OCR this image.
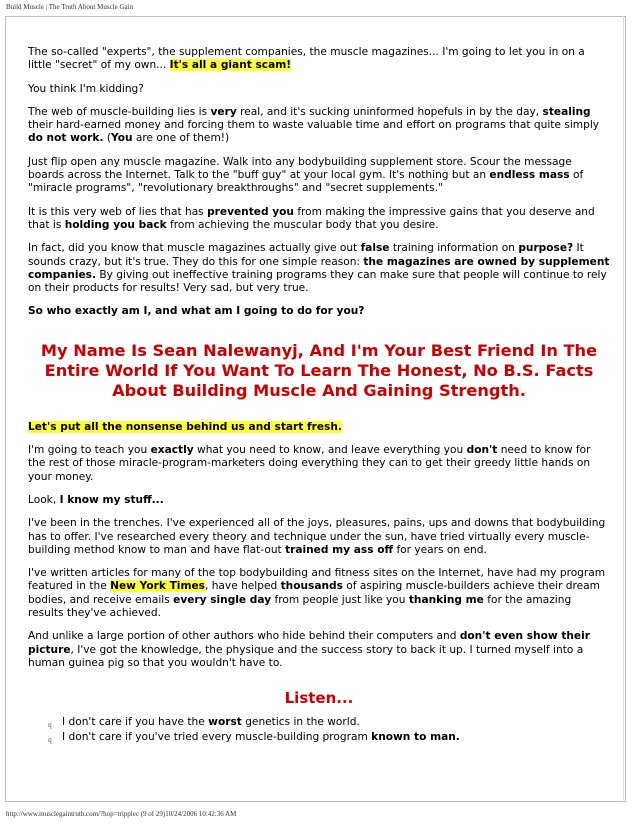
Build Muscle | The Truth About Muscle Gain

The so-called "experts", the supplement companies, the muscle magazines... I'm going to let you in on a little "secret" of my own... It's all a giant scam!

You think I'm kidding?

The web of muscle-building lies is very real, and it's sucking uninformed hopefuls in by the day, stealing their hard-earned money and forcing them to waste valuable time and effort on programs that quite simply do not work. (You are one of them!)

Just flip open any muscle magazine. Walk into any bodybuilding supplement store. Scour the message boards across the Internet. Talk to the "buff guy" at your local gym. It's nothing but an endless mass of "miracle programs", "revolutionary breakthroughs" and "secret supplements."

It is this very web of lies that has prevented you from making the impressive gains that you deserve and that is holding you back from achieving the muscular body that you desire.

In fact, did you know that muscle magazines actually give out false training information on purpose? It sounds crazy, but it's true. They do this for one simple reason: the magazines are owned by supplement companies. By giving out ineffective training programs they can make sure that people will continue to rely on their products for results! Very sad, but very true.

So who exactly am I, and what am I going to do for you?

My Name Is Sean Nalewanyj, And I'm Your Best Friend In The Entire World If You Want To Learn The Honest, No B.S. Facts About Building Muscle And Gaining Strength.

Let's put all the nonsense behind us and start fresh.

I'm going to teach you exactly what you need to know, and leave everything you don't need to know for the rest of those miracle-program-marketers doing everything they can to get their greedy little hands on your money.

Look, I know my stuff...

I've been in the trenches. I've experienced all of the joys, pleasures, pains, ups and downs that bodybuilding has to offer. I've researched every theory and technique under the sun, have tried virtually every muscle-building method know to man and have flat-out trained my ass off for years on end.

I've written articles for many of the top bodybuilding and fitness sites on the Internet, have had my program featured in the New York Times, have helped thousands of aspiring muscle-builders achieve their dream bodies, and receive emails every single day from people just like you thanking me for the amazing results they've achieved.

And unlike a large portion of other authors who hide behind their computers and don't even show their picture, I've got the knowledge, the physique and the success story to back it up. I turned myself into a human guinea pig so that you wouldn't have to.

Listen...
q I don't care if you have the worst genetics in the world.
q I don't care if you've tried every muscle-building program known to man.
http://www.musclegaintruth.com/?hop=tripplec (9 of 29)10/24/2006 10:42:36 AM
